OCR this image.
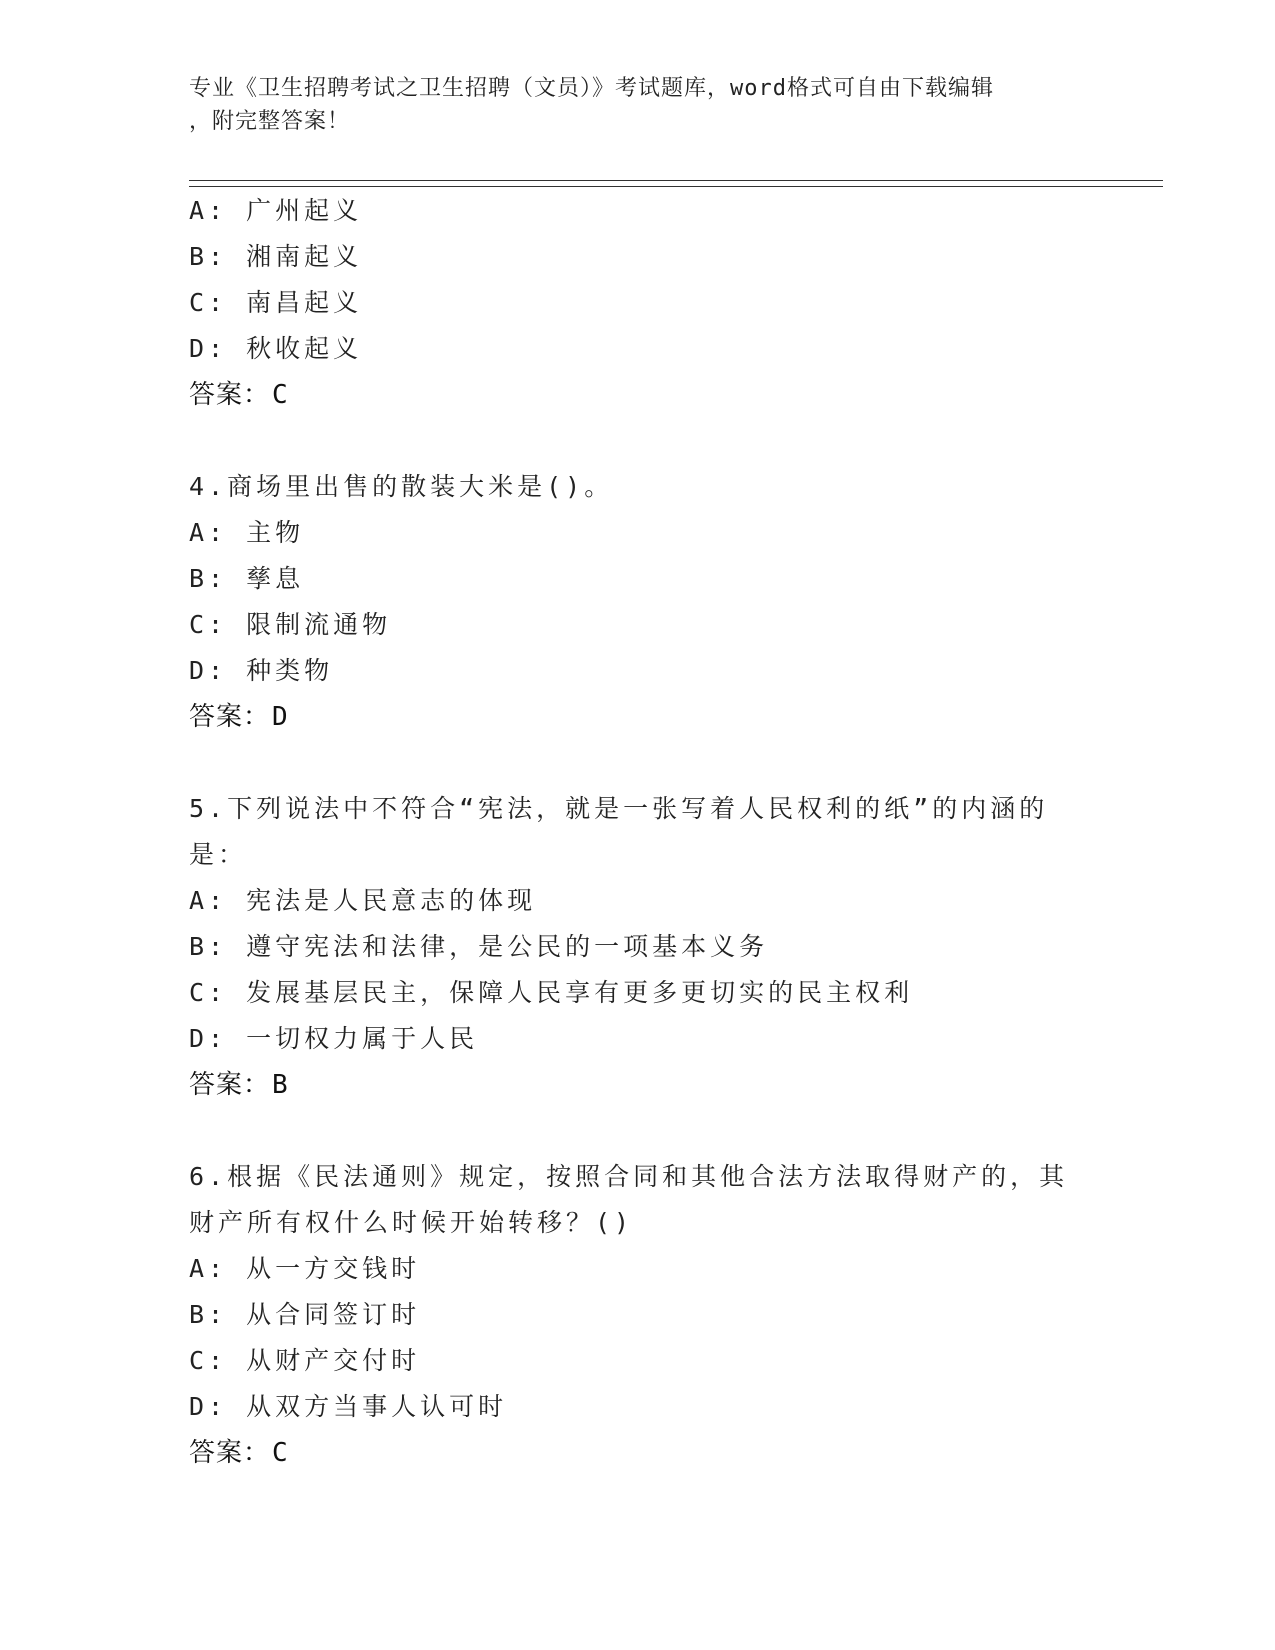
专业《卫生招聘考试之卫生招聘（文员）》考试题库，word格式可自由下载编辑
，附完整答案！
A: 广州起义
B: 湘南起义
C: 南昌起义
D: 秋收起义
答案：C
4.商场里出售的散装大米是()。
A: 主物
B: 孳息
C: 限制流通物
D: 种类物
答案：D
5.下列说法中不符合“宪法，就是一张写着人民权利的纸”的内涵的
是：
A: 宪法是人民意志的体现
B: 遵守宪法和法律，是公民的一项基本义务
C: 发展基层民主，保障人民享有更多更切实的民主权利
D: 一切权力属于人民
答案：B
6.根据《民法通则》规定，按照合同和其他合法方法取得财产的，其
财产所有权什么时候开始转移？()
A: 从一方交钱时
B: 从合同签订时
C: 从财产交付时
D: 从双方当事人认可时
答案：C
